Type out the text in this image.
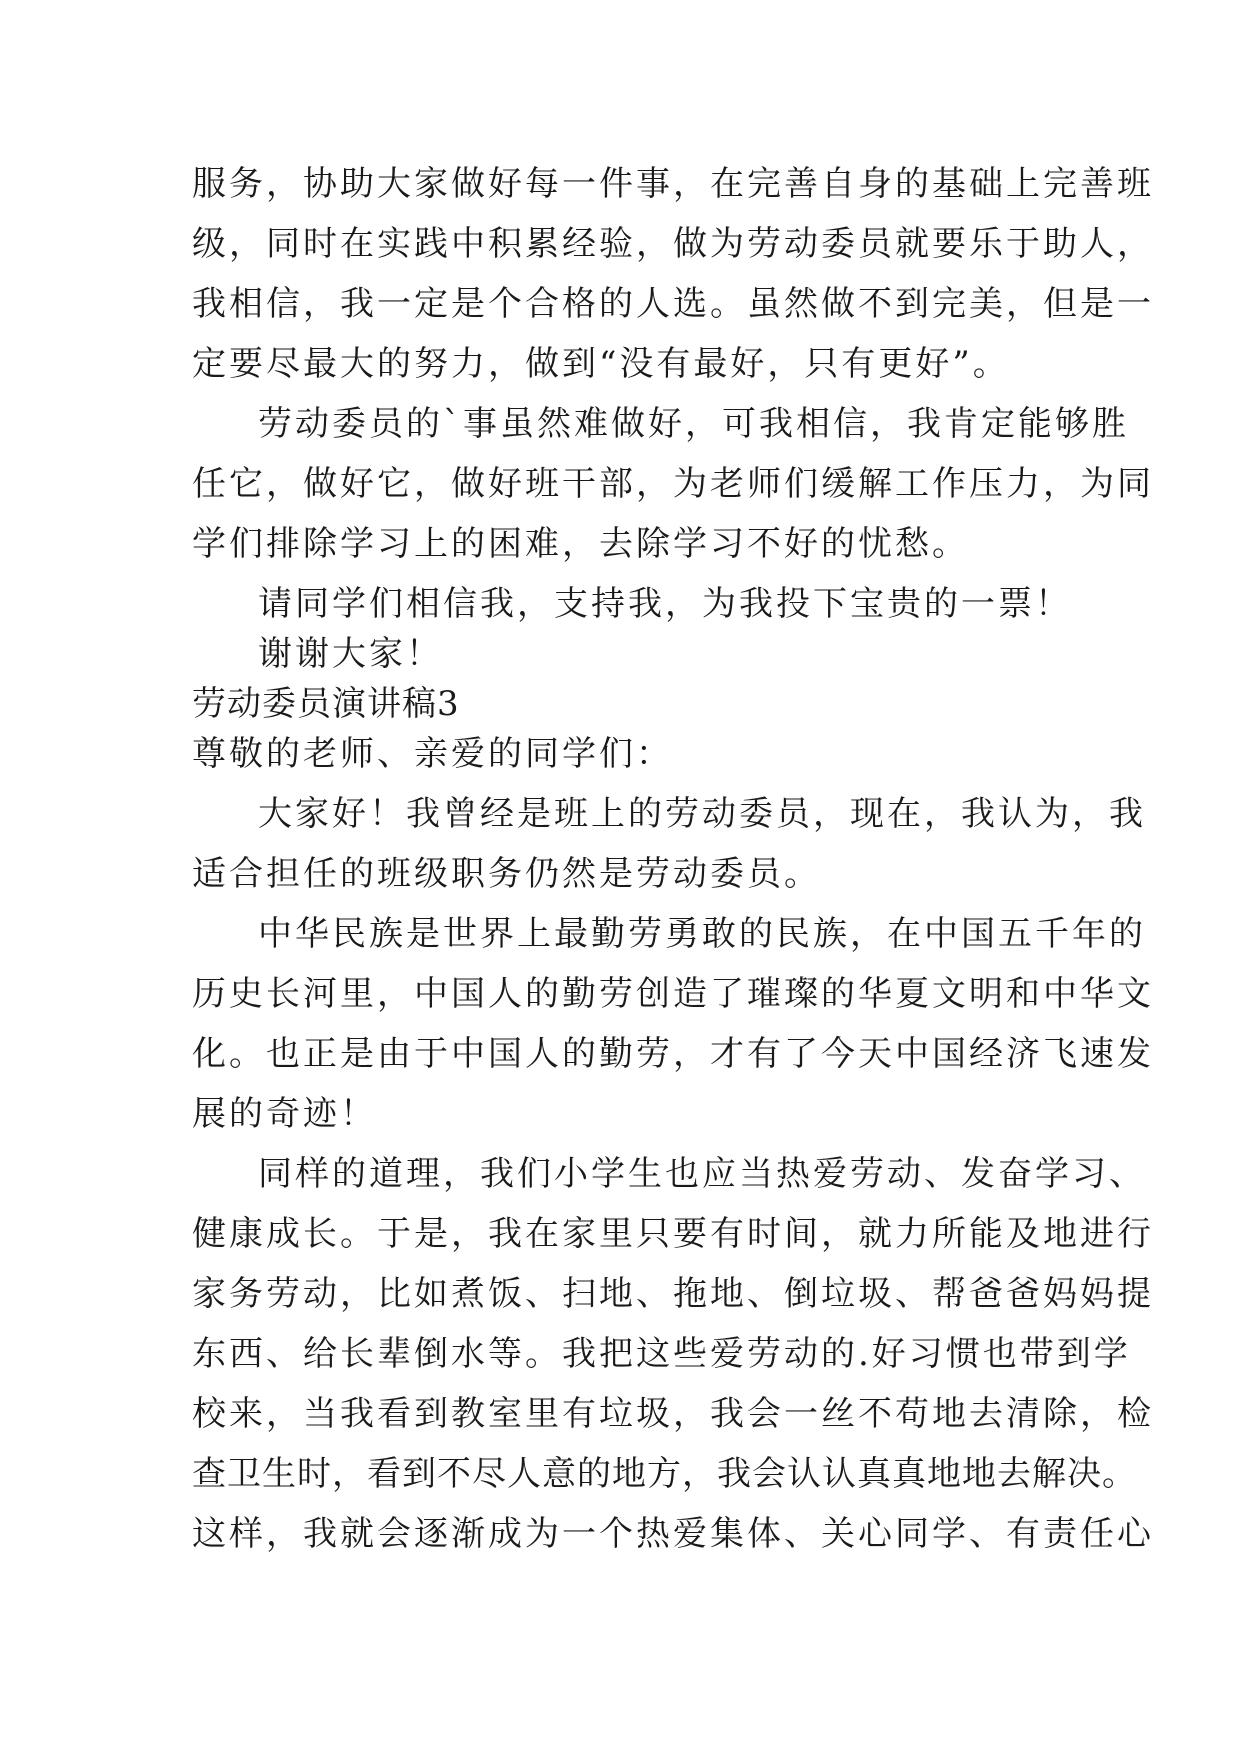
服务，协助大家做好每一件事，在完善自身的基础上完善班
级，同时在实践中积累经验，做为劳动委员就要乐于助人，
我相信，我一定是个合格的人选。虽然做不到完美，但是一
定要尽最大的努力，做到“没有最好，只有更好”。
劳动委员的`事虽然难做好，可我相信，我肯定能够胜
任它，做好它，做好班干部，为老师们缓解工作压力，为同
学们排除学习上的困难，去除学习不好的忧愁。
请同学们相信我，支持我，为我投下宝贵的一票！
谢谢大家！
劳动委员演讲稿3
尊敬的老师、亲爱的同学们：
大家好！我曾经是班上的劳动委员，现在，我认为，我
适合担任的班级职务仍然是劳动委员。
中华民族是世界上最勤劳勇敢的民族，在中国五千年的
历史长河里，中国人的勤劳创造了璀璨的华夏文明和中华文
化。也正是由于中国人的勤劳，才有了今天中国经济飞速发
展的奇迹！
同样的道理，我们小学生也应当热爱劳动、发奋学习、
健康成长。于是，我在家里只要有时间，就力所能及地进行
家务劳动，比如煮饭、扫地、拖地、倒垃圾、帮爸爸妈妈提
东西、给长辈倒水等。我把这些爱劳动的.好习惯也带到学
校来，当我看到教室里有垃圾，我会一丝不苟地去清除，检
查卫生时，看到不尽人意的地方，我会认认真真地地去解决。
这样，我就会逐渐成为一个热爱集体、关心同学、有责任心
